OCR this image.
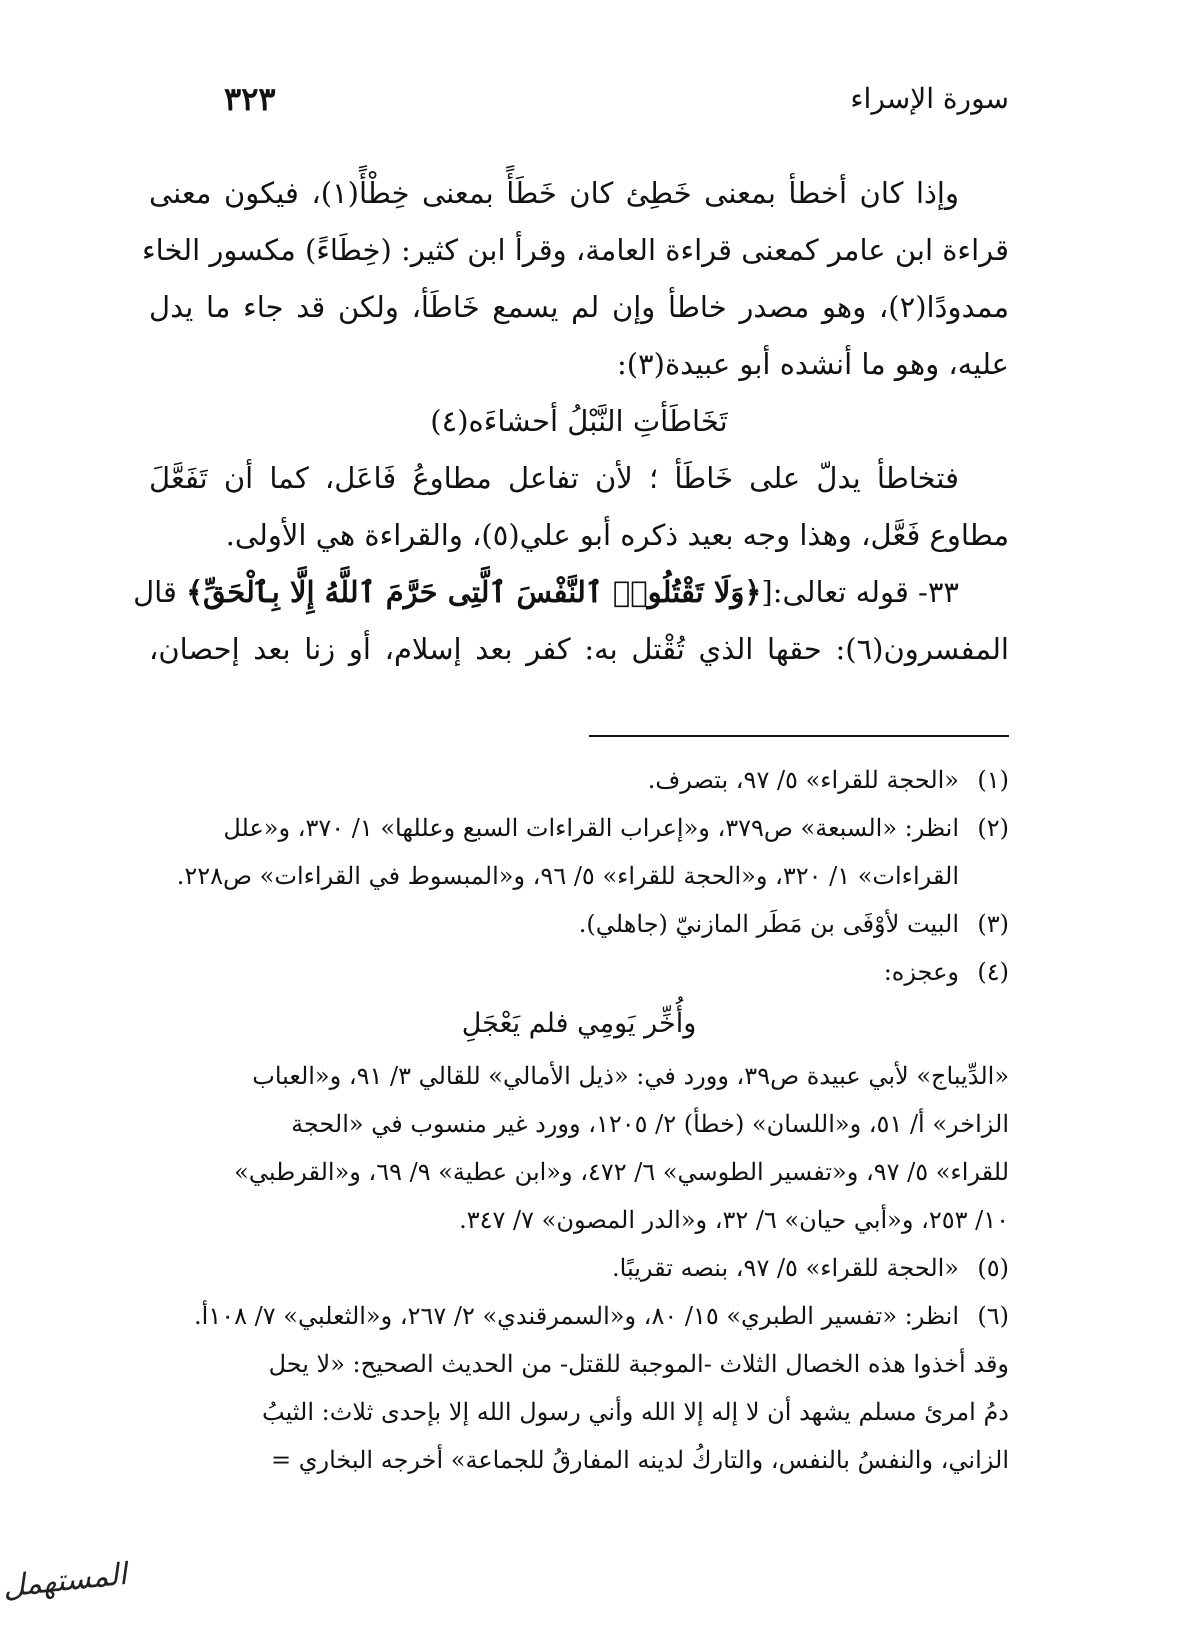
سورة الإسراء
٣٢٣
وإذا كان أخطأ بمعنى خَطِئ كان خَطَأً بمعنى خِطْأً(١)، فيكون معنى
قراءة ابن عامر كمعنى قراءة العامة، وقرأ ابن كثير: (خِطَاءً) مكسور الخاء
ممدودًا(٢)، وهو مصدر خاطأ وإن لم يسمع خَاطَأ، ولكن قد جاء ما يدل
عليه، وهو ما أنشده أبو عبيدة(٣):
تَخَاطَأتِ النَّبْلُ أحشاءَه(٤)
فتخاطأ يدلّ على خَاطَأ ؛ لأن تفاعل مطاوعُ فَاعَل، كما أن تَفَعَّلَ
مطاوع فَعَّل، وهذا وجه بعيد ذكره أبو علي(٥)، والقراءة هي الأولى.
٣٣- قوله تعالى:[﴿وَلَا تَقْتُلُوا۟ ٱلنَّفْسَ ٱلَّتِى حَرَّمَ ٱللَّهُ إِلَّا بِٱلْحَقِّ﴾ قال
المفسرون(٦): حقها الذي تُقْتل به: كفر بعد إسلام، أو زنا بعد إحصان،
(١)
«الحجة للقراء» ٥/ ٩٧، بتصرف.
(٢)
انظر: «السبعة» ص٣٧٩، و«إعراب القراءات السبع وعللها» ١/ ٣٧٠، و«علل
القراءات» ١/ ٣٢٠، و«الحجة للقراء» ٥/ ٩٦، و«المبسوط في القراءات» ص٢٢٨.
(٣)
البيت لأوْفَى بن مَطَر المازنيّ (جاهلي).
(٤)
وعجزه:
وأُخِّر يَومِي فلم يَعْجَلِ
«الدِّيباج» لأبي عبيدة ص٣٩، وورد في: «ذيل الأمالي» للقالي ٣/ ٩١، و«العباب
الزاخر» أ/ ٥١، و«اللسان» (خطأ) ٢/ ١٢٠٥، وورد غير منسوب في «الحجة
للقراء» ٥/ ٩٧، و«تفسير الطوسي» ٦/ ٤٧٢، و«ابن عطية» ٩/ ٦٩، و«القرطبي»
١٠/ ٢٥٣، و«أبي حيان» ٦/ ٣٢، و«الدر المصون» ٧/ ٣٤٧.
(٥)
«الحجة للقراء» ٥/ ٩٧، بنصه تقريبًا.
(٦)
انظر: «تفسير الطبري» ١٥/ ٨٠، و«السمرقندي» ٢/ ٢٦٧، و«الثعلبي» ٧/ ١٠٨أ.
وقد أخذوا هذه الخصال الثلاث -الموجبة للقتل- من الحديث الصحيح: «لا يحل
دمُ امرئ مسلم يشهد أن لا إله إلا الله وأني رسول الله إلا بإحدى ثلاث: الثيبُ
الزاني، والنفسُ بالنفس، والتاركُ لدينه المفارقُ للجماعة» أخرجه البخاري =
المستهمل
